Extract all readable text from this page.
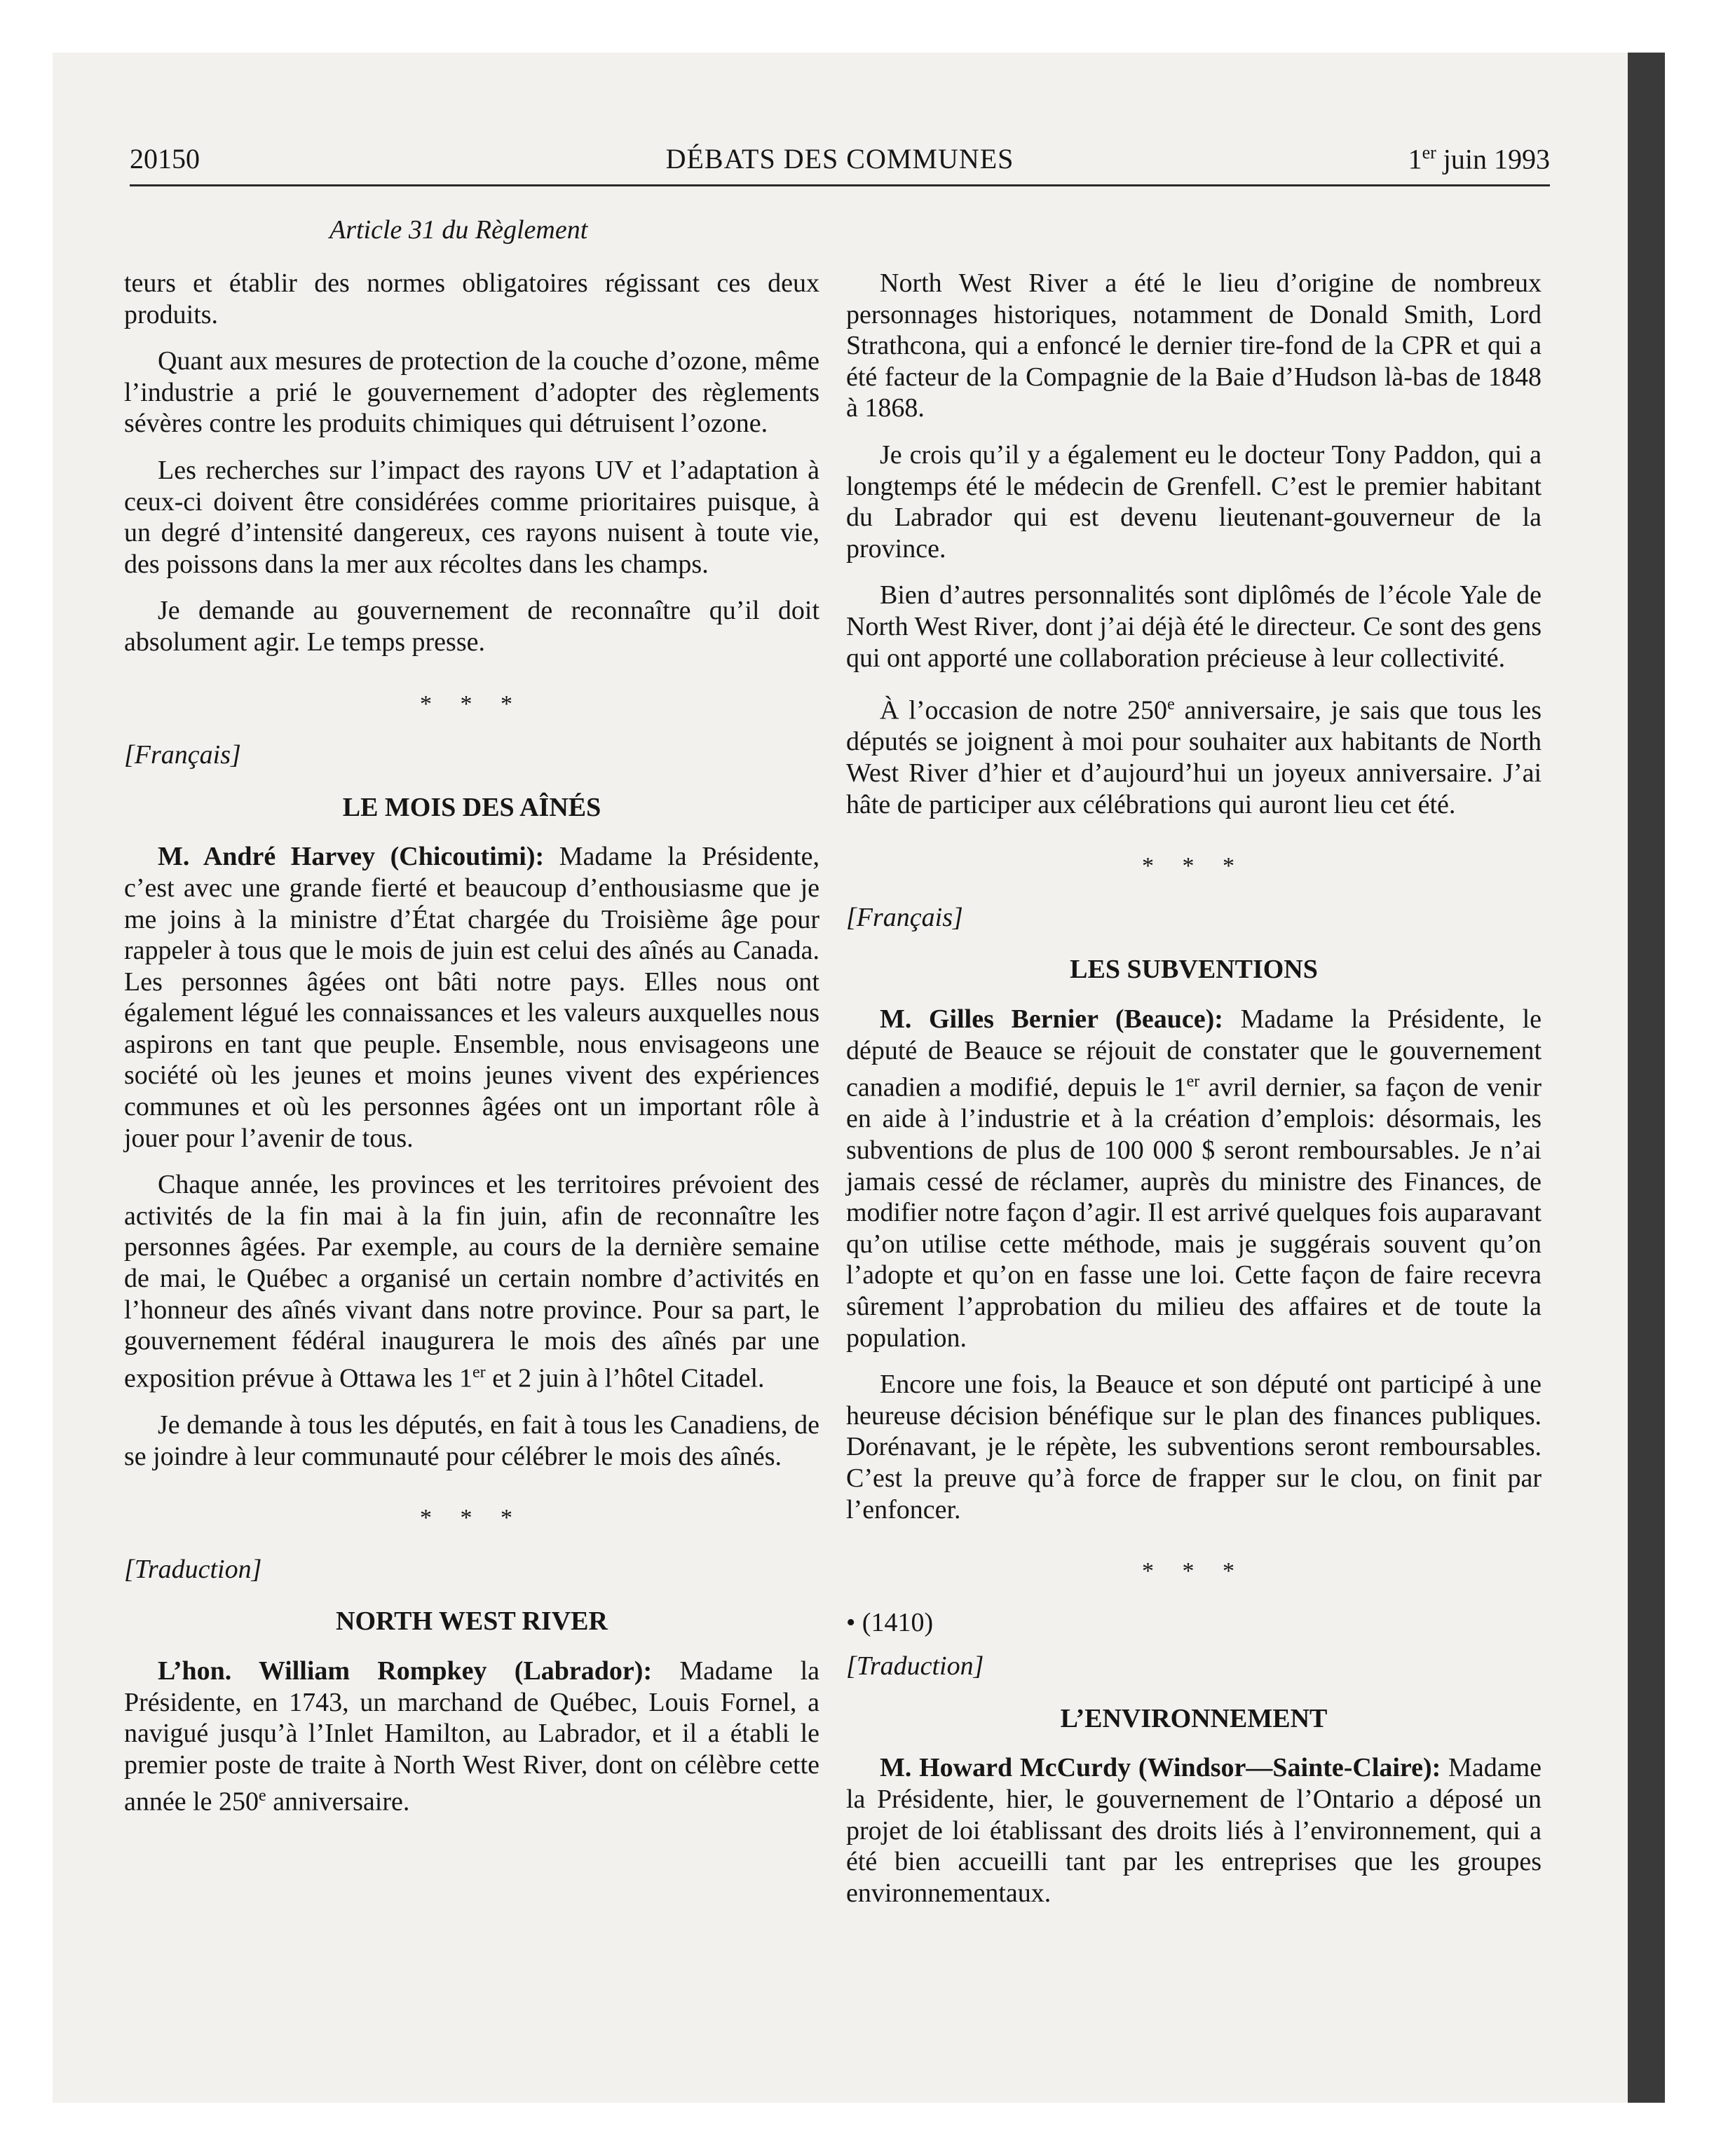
20150	DÉBATS DES COMMUNES	1er juin 1993
Article 31 du Règlement

teurs et établir des normes obligatoires régissant ces deux produits.

Quant aux mesures de protection de la couche d’ozone, même l’industrie a prié le gouvernement d’adopter des règlements sévères contre les produits chimiques qui détruisent l’ozone.

Les recherches sur l’impact des rayons UV et l’adaptation à ceux-ci doivent être considérées comme prioritaires puisque, à un degré d’intensité dangereux, ces rayons nuisent à toute vie, des poissons dans la mer aux récoltes dans les champs.

Je demande au gouvernement de reconnaître qu’il doit absolument agir. Le temps presse.

* * *
[Français]
LE MOIS DES AÎNÉS

M. André Harvey (Chicoutimi): Madame la Présidente, c’est avec une grande fierté et beaucoup d’enthousiasme que je me joins à la ministre d’État chargée du Troisième âge pour rappeler à tous que le mois de juin est celui des aînés au Canada. Les personnes âgées ont bâti notre pays. Elles nous ont également légué les connaissances et les valeurs auxquelles nous aspirons en tant que peuple. Ensemble, nous envisageons une société où les jeunes et moins jeunes vivent des expériences communes et où les personnes âgées ont un important rôle à jouer pour l’avenir de tous.

Chaque année, les provinces et les territoires prévoient des activités de la fin mai à la fin juin, afin de reconnaître les personnes âgées. Par exemple, au cours de la dernière semaine de mai, le Québec a organisé un certain nombre d’activités en l’honneur des aînés vivant dans notre province. Pour sa part, le gouvernement fédéral inaugurera le mois des aînés par une exposition prévue à Ottawa les 1er et 2 juin à l’hôtel Citadel.

Je demande à tous les députés, en fait à tous les Canadiens, de se joindre à leur communauté pour célébrer le mois des aînés.

* * *
[Traduction]
NORTH WEST RIVER

L’hon. William Rompkey (Labrador): Madame la Présidente, en 1743, un marchand de Québec, Louis Fornel, a navigué jusqu’à l’Inlet Hamilton, au Labrador, et il a établi le premier poste de traite à North West River, dont on célèbre cette année le 250e anniversaire.

North West River a été le lieu d’origine de nombreux personnages historiques, notamment de Donald Smith, Lord Strathcona, qui a enfoncé le dernier tire-fond de la CPR et qui a été facteur de la Compagnie de la Baie d’Hudson là-bas de 1848 à 1868.

Je crois qu’il y a également eu le docteur Tony Paddon, qui a longtemps été le médecin de Grenfell. C’est le premier habitant du Labrador qui est devenu lieutenant-gouverneur de la province.

Bien d’autres personnalités sont diplômés de l’école Yale de North West River, dont j’ai déjà été le directeur. Ce sont des gens qui ont apporté une collaboration précieuse à leur collectivité.

À l’occasion de notre 250e anniversaire, je sais que tous les députés se joignent à moi pour souhaiter aux habitants de North West River d’hier et d’aujourd’hui un joyeux anniversaire. J’ai hâte de participer aux célébrations qui auront lieu cet été.

* * *
[Français]
LES SUBVENTIONS

M. Gilles Bernier (Beauce): Madame la Présidente, le député de Beauce se réjouit de constater que le gouvernement canadien a modifié, depuis le 1er avril dernier, sa façon de venir en aide à l’industrie et à la création d’emplois: désormais, les subventions de plus de 100 000 $ seront remboursables. Je n’ai jamais cessé de réclamer, auprès du ministre des Finances, de modifier notre façon d’agir. Il est arrivé quelques fois auparavant qu’on utilise cette méthode, mais je suggérais souvent qu’on l’adopte et qu’on en fasse une loi. Cette façon de faire recevra sûrement l’approbation du milieu des affaires et de toute la population.

Encore une fois, la Beauce et son député ont participé à une heureuse décision bénéfique sur le plan des finances publiques. Dorénavant, je le répète, les subventions seront remboursables. C’est la preuve qu’à force de frapper sur le clou, on finit par l’enfoncer.

* * *
• (1410)
[Traduction]
L’ENVIRONNEMENT

M. Howard McCurdy (Windsor—Sainte-Claire): Madame la Présidente, hier, le gouvernement de l’Ontario a déposé un projet de loi établissant des droits liés à l’environnement, qui a été bien accueilli tant par les entreprises que les groupes environnementaux.
